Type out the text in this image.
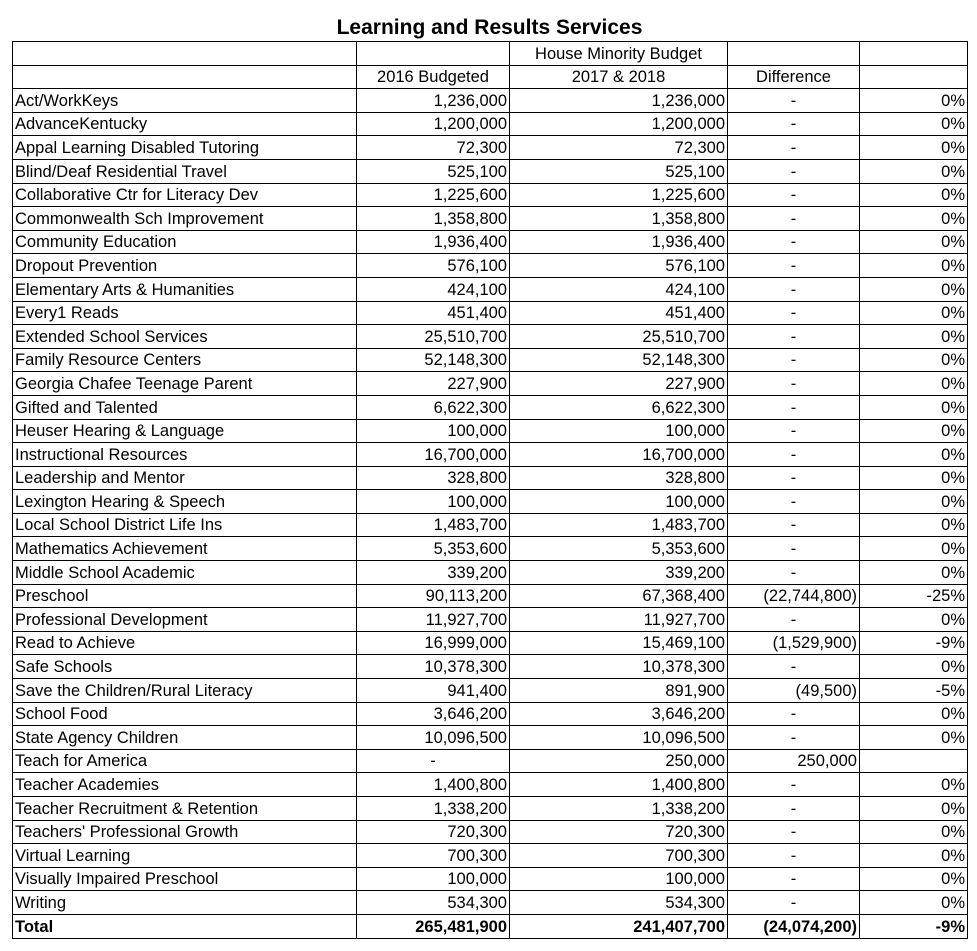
Learning and Results Services
		House Minority Budget		
	2016 Budgeted	2017 & 2018	Difference	
Act/WorkKeys	1,236,000	1,236,000	-	0%
AdvanceKentucky	1,200,000	1,200,000	-	0%
Appal Learning Disabled Tutoring	72,300	72,300	-	0%
Blind/Deaf Residential Travel	525,100	525,100	-	0%
Collaborative Ctr for Literacy Dev	1,225,600	1,225,600	-	0%
Commonwealth Sch Improvement	1,358,800	1,358,800	-	0%
Community Education	1,936,400	1,936,400	-	0%
Dropout Prevention	576,100	576,100	-	0%
Elementary Arts & Humanities	424,100	424,100	-	0%
Every1 Reads	451,400	451,400	-	0%
Extended School Services	25,510,700	25,510,700	-	0%
Family Resource Centers	52,148,300	52,148,300	-	0%
Georgia Chafee Teenage Parent	227,900	227,900	-	0%
Gifted and Talented	6,622,300	6,622,300	-	0%
Heuser Hearing & Language	100,000	100,000	-	0%
Instructional Resources	16,700,000	16,700,000	-	0%
Leadership and Mentor	328,800	328,800	-	0%
Lexington Hearing & Speech	100,000	100,000	-	0%
Local School District Life Ins	1,483,700	1,483,700	-	0%
Mathematics Achievement	5,353,600	5,353,600	-	0%
Middle School Academic	339,200	339,200	-	0%
Preschool	90,113,200	67,368,400	(22,744,800)	-25%
Professional Development	11,927,700	11,927,700	-	0%
Read to Achieve	16,999,000	15,469,100	(1,529,900)	-9%
Safe Schools	10,378,300	10,378,300	-	0%
Save the Children/Rural Literacy	941,400	891,900	(49,500)	-5%
School Food	3,646,200	3,646,200	-	0%
State Agency Children	10,096,500	10,096,500	-	0%
Teach for America	-	250,000	250,000	
Teacher Academies	1,400,800	1,400,800	-	0%
Teacher Recruitment & Retention	1,338,200	1,338,200	-	0%
Teachers' Professional Growth	720,300	720,300	-	0%
Virtual Learning	700,300	700,300	-	0%
Visually Impaired Preschool	100,000	100,000	-	0%
Writing	534,300	534,300	-	0%
Total	265,481,900	241,407,700	(24,074,200)	-9%
